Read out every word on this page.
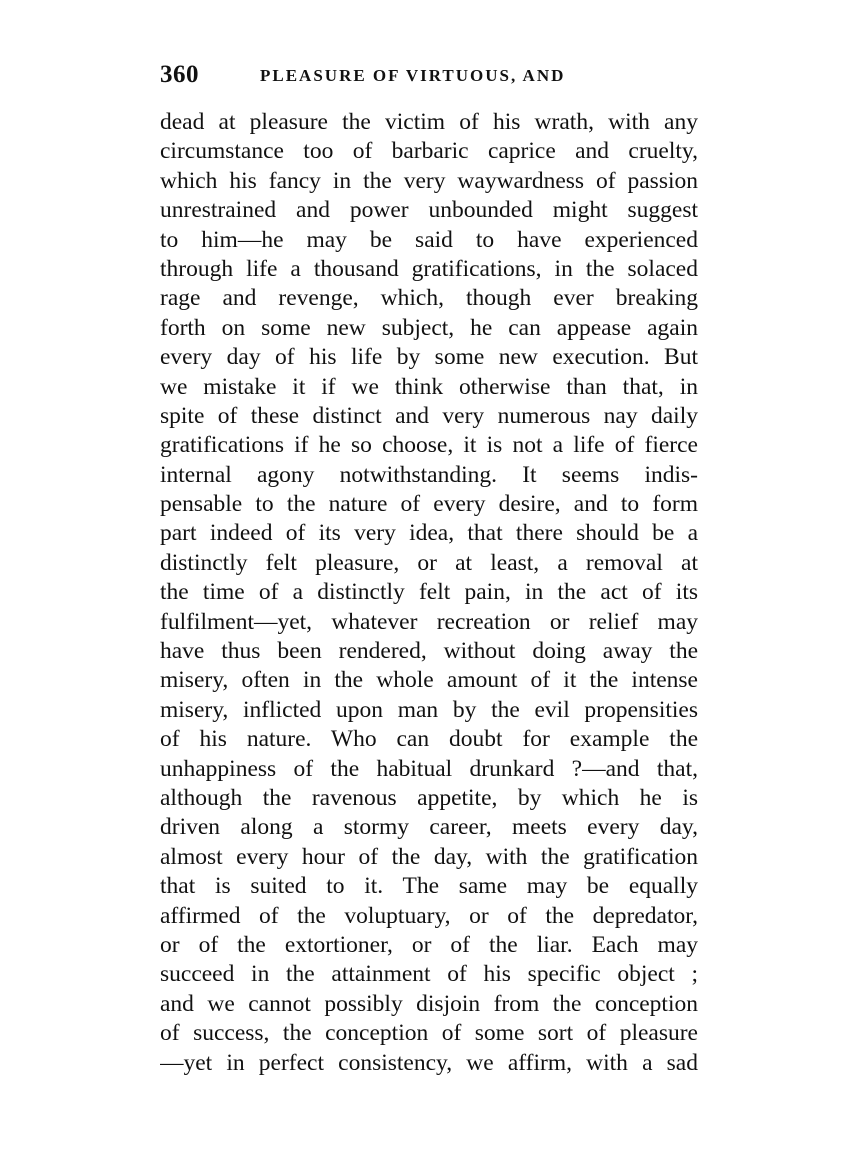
360	PLEASURE OF VIRTUOUS, AND
dead at pleasure the victim of his wrath, with any
circumstance too of barbaric caprice and cruelty,
which his fancy in the very waywardness of passion
unrestrained and power unbounded might suggest
to him—he may be said to have experienced
through life a thousand gratifications, in the solaced
rage and revenge, which, though ever breaking
forth on some new subject, he can appease again
every day of his life by some new execution. But
we mistake it if we think otherwise than that, in
spite of these distinct and very numerous nay daily
gratifications if he so choose, it is not a life of fierce
internal agony notwithstanding. It seems indis-
pensable to the nature of every desire, and to form
part indeed of its very idea, that there should be a
distinctly felt pleasure, or at least, a removal at
the time of a distinctly felt pain, in the act of its
fulfilment—yet, whatever recreation or relief may
have thus been rendered, without doing away the
misery, often in the whole amount of it the intense
misery, inflicted upon man by the evil propensities
of his nature. Who can doubt for example the
unhappiness of the habitual drunkard ?—and that,
although the ravenous appetite, by which he is
driven along a stormy career, meets every day,
almost every hour of the day, with the gratification
that is suited to it. The same may be equally
affirmed of the voluptuary, or of the depredator,
or of the extortioner, or of the liar. Each may
succeed in the attainment of his specific object ;
and we cannot possibly disjoin from the conception
of success, the conception of some sort of pleasure
—yet in perfect consistency, we affirm, with a sad
